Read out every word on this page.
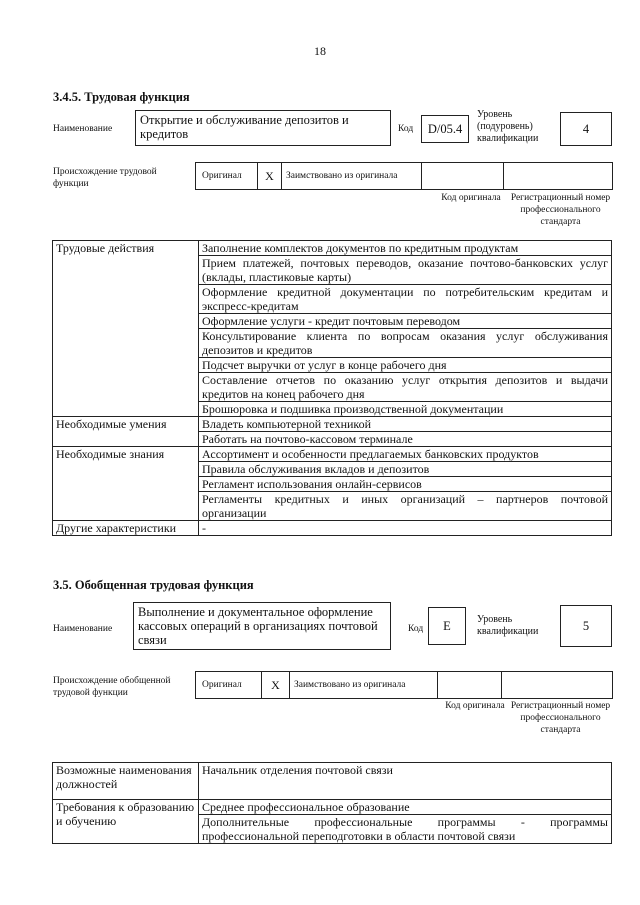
18
3.4.5. Трудовая функция
Наименование
Открытие и обслуживание депозитов и кредитов	Код	D/05.4
Уровень (подуровень) квалификации
4
Происхождение трудовой функции
Оригинал	X	Заимствовано из оригинала
Код оригинала	Регистрационный номер профессионального стандарта
Трудовые действия	Заполнение комплектов документов по кредитным продуктам
	Прием платежей, почтовых переводов, оказание почтово-банковских услуг (вклады, пластиковые карты)
	Оформление кредитной документации по потребительским кредитам и экспресс-кредитам
	Оформление услуги - кредит почтовым переводом
	Консультирование клиента по вопросам оказания услуг обслуживания депозитов и кредитов
	Подсчет выручки от услуг в конце рабочего дня
	Составление отчетов по оказанию услуг открытия депозитов и выдачи кредитов на конец рабочего дня
	Брошюровка и подшивка производственной документации
Необходимые умения	Владеть компьютерной техникой
	Работать на почтово-кассовом терминале
Необходимые знания	Ассортимент и особенности предлагаемых банковских продуктов
	Правила обслуживания вкладов и депозитов
	Регламент использования онлайн-сервисов
	Регламенты кредитных и иных организаций – партнеров почтовой организации
Другие характеристики	-
3.5. Обобщенная трудовая функция
Наименование
Выполнение и документальное оформление кассовых операций в организациях почтовой связи
Код	E	Уровень квалификации	5
Происхождение обобщенной трудовой функции
Оригинал	X	Заимствовано из оригинала
Код оригинала Регистрационный номер профессионального стандарта
Возможные наименования должностей	Начальник отделения почтовой связи
Требования к образованию и обучению	Среднее профессиональное образование
	Дополнительные профессиональные программы - программы профессиональной переподготовки в области почтовой связи
